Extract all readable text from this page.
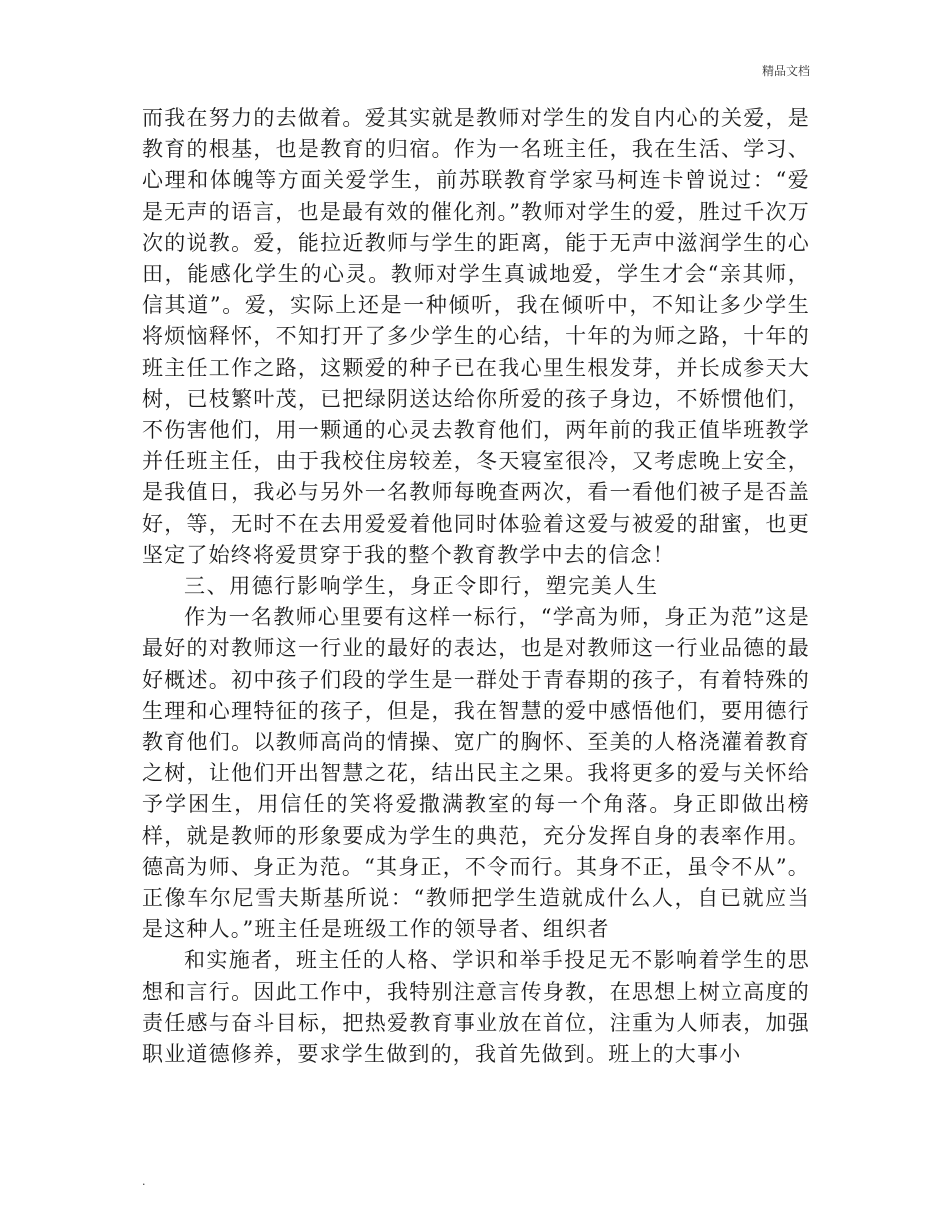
精品文档

而我在努力的去做着。爱其实就是教师对学生的发自内心的关爱，是教育的根基，也是教育的归宿。作为一名班主任，我在生活、学习、心理和体魄等方面关爱学生，前苏联教育学家马柯连卡曾说过：“爱是无声的语言，也是最有效的催化剂。”教师对学生的爱，胜过千次万次的说教。爱，能拉近教师与学生的距离，能于无声中滋润学生的心田，能感化学生的心灵。教师对学生真诚地爱，学生才会“亲其师，信其道”。爱，实际上还是一种倾听，我在倾听中，不知让多少学生将烦恼释怀，不知打开了多少学生的心结，十年的为师之路，十年的班主任工作之路，这颗爱的种子已在我心里生根发芽，并长成参天大树，已枝繁叶茂，已把绿阴送达给你所爱的孩子身边，不娇惯他们，不伤害他们，用一颗通的心灵去教育他们，两年前的我正值毕班教学并任班主任，由于我校住房较差，冬天寝室很冷，又考虑晚上安全，是我值日，我必与另外一名教师每晚查两次，看一看他们被子是否盖好，等，无时不在去用爱爱着他同时体验着这爱与被爱的甜蜜，也更坚定了始终将爱贯穿于我的整个教育教学中去的信念！

三、用德行影响学生，身正令即行，塑完美人生

作为一名教师心里要有这样一标行，“学高为师，身正为范”这是最好的对教师这一行业的最好的表达，也是对教师这一行业品德的最好概述。初中孩子们段的学生是一群处于青春期的孩子，有着特殊的生理和心理特征的孩子，但是，我在智慧的爱中感悟他们，要用德行教育他们。以教师高尚的情操、宽广的胸怀、至美的人格浇灌着教育之树，让他们开出智慧之花，结出民主之果。我将更多的爱与关怀给予学困生，用信任的笑将爱撒满教室的每一个角落。身正即做出榜样，就是教师的形象要成为学生的典范，充分发挥自身的表率作用。德高为师、身正为范。“其身正，不令而行。其身不正，虽令不从”。正像车尔尼雪夫斯基所说：“教师把学生造就成什么人，自已就应当是这种人。”班主任是班级工作的领导者、组织者

和实施者，班主任的人格、学识和举手投足无不影响着学生的思想和言行。因此工作中，我特别注意言传身教，在思想上树立高度的责任感与奋斗目标，把热爱教育事业放在首位，注重为人师表，加强职业道德修养，要求学生做到的，我首先做到。班上的大事小

.
